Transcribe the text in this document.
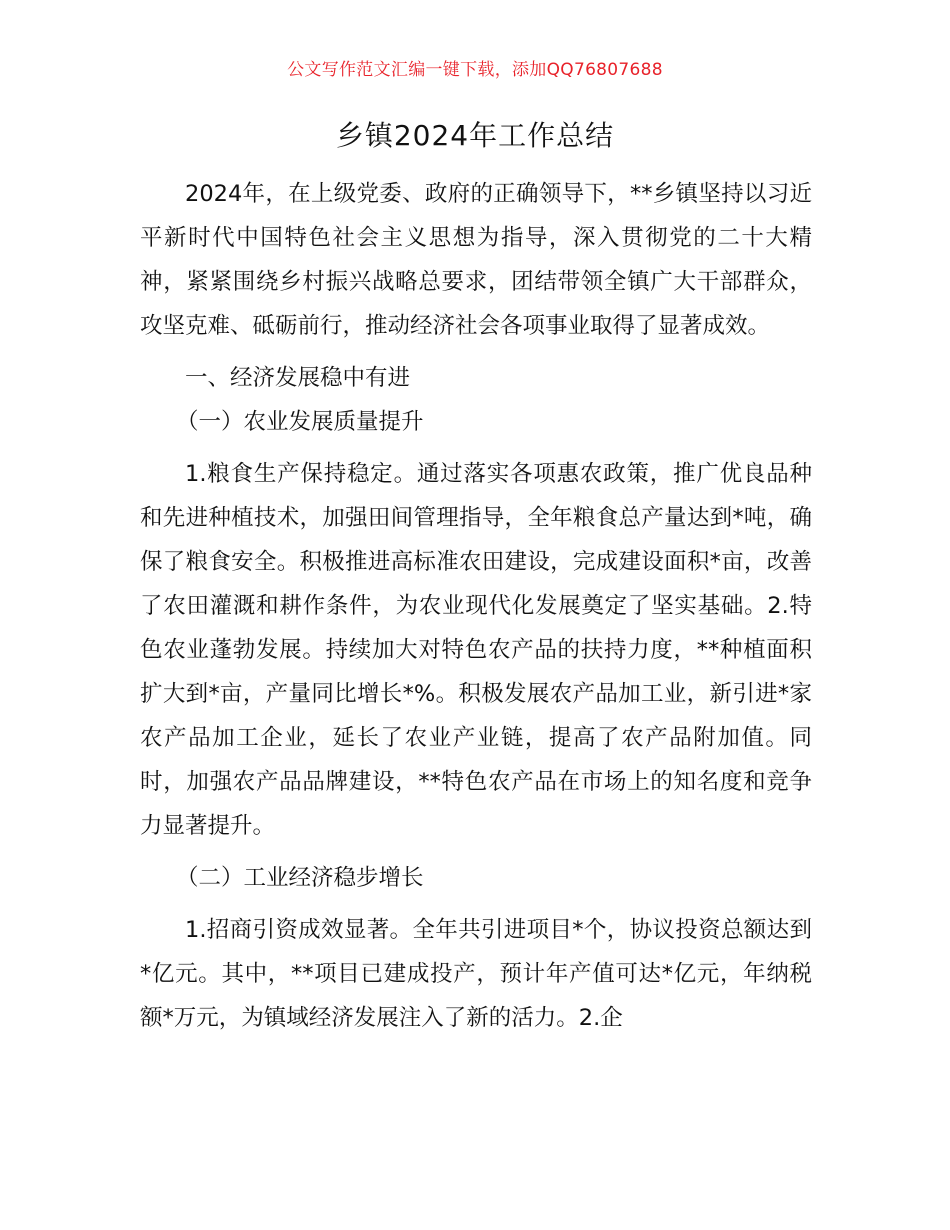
公文写作范文汇编一键下载，添加QQ76807688
乡镇2024年工作总结

2024年，在上级党委、政府的正确领导下，**乡镇坚持以习近平新时代中国特色社会主义思想为指导，深入贯彻党的二十大精神，紧紧围绕乡村振兴战略总要求，团结带领全镇广大干部群众，攻坚克难、砥砺前行，推动经济社会各项事业取得了显著成效。

一、经济发展稳中有进

（一）农业发展质量提升

1.粮食生产保持稳定。通过落实各项惠农政策，推广优良品种和先进种植技术，加强田间管理指导，全年粮食总产量达到*吨，确保了粮食安全。积极推进高标准农田建设，完成建设面积*亩，改善了农田灌溉和耕作条件，为农业现代化发展奠定了坚实基础。2.特色农业蓬勃发展。持续加大对特色农产品的扶持力度，**种植面积扩大到*亩，产量同比增长*%。积极发展农产品加工业，新引进*家农产品加工企业，延长了农业产业链，提高了农产品附加值。同时，加强农产品品牌建设，**特色农产品在市场上的知名度和竞争力显著提升。

（二）工业经济稳步增长

1.招商引资成效显著。全年共引进项目*个，协议投资总额达到*亿元。其中，**项目已建成投产，预计年产值可达*亿元，年纳税额*万元，为镇域经济发展注入了新的活力。2.企
